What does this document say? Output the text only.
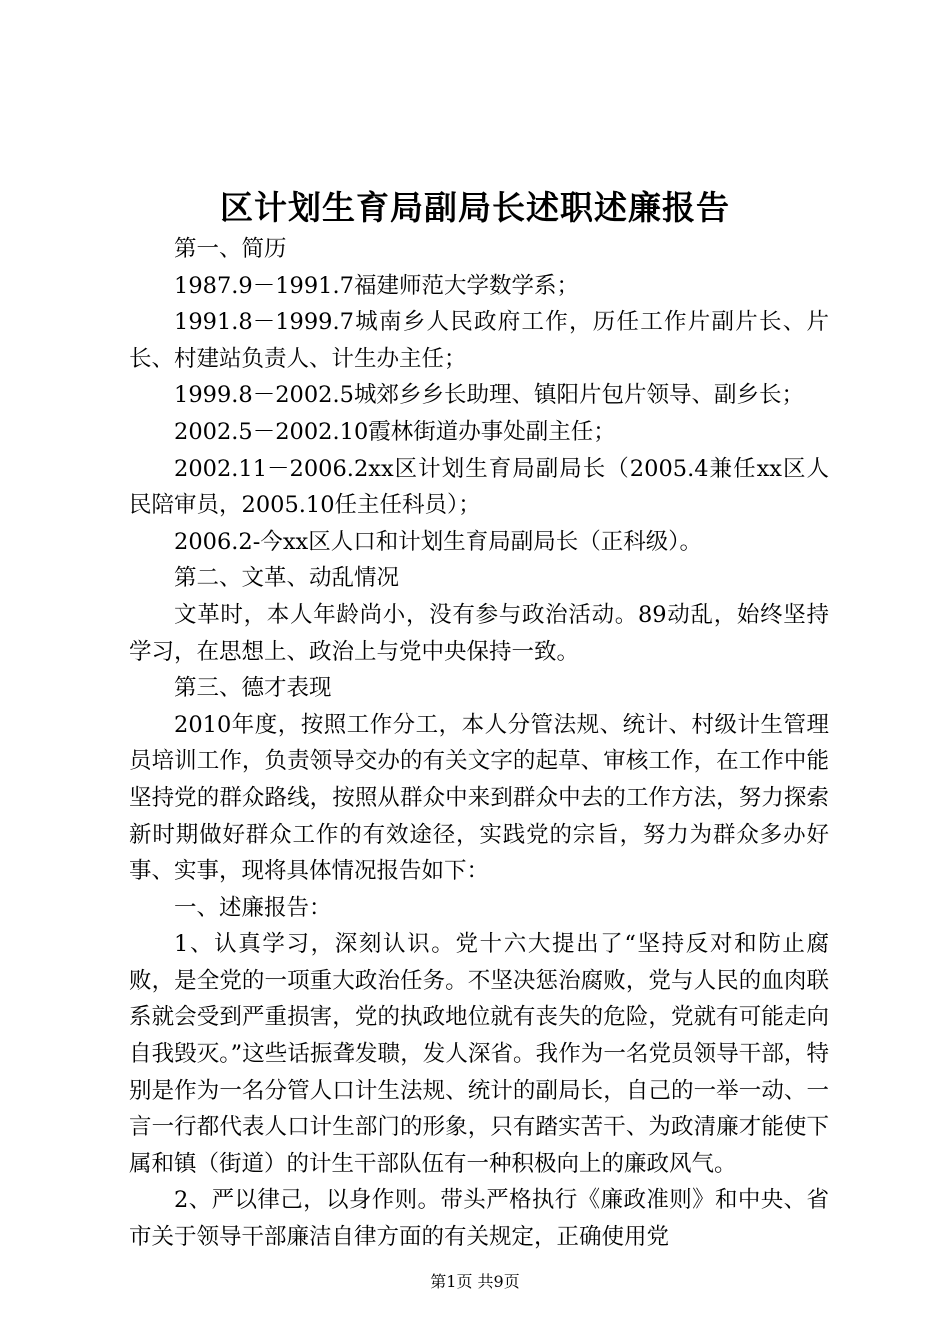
区计划生育局副局长述职述廉报告

第一、简历

1987.9－1991.7福建师范大学数学系；

1991.8－1999.7城南乡人民政府工作，历任工作片副片长、片长、村建站负责人、计生办主任；

1999.8－2002.5城郊乡乡长助理、镇阳片包片领导、副乡长；

2002.5－2002.10霞林街道办事处副主任；

2002.11－2006.2xx区计划生育局副局长（2005.4兼任xx区人民陪审员，2005.10任主任科员）；

2006.2-今xx区人口和计划生育局副局长（正科级）。

第二、文革、动乱情况

文革时，本人年龄尚小，没有参与政治活动。89动乱，始终坚持学习，在思想上、政治上与党中央保持一致。

第三、德才表现

2010年度，按照工作分工，本人分管法规、统计、村级计生管理员培训工作，负责领导交办的有关文字的起草、审核工作，在工作中能坚持党的群众路线，按照从群众中来到群众中去的工作方法，努力探索新时期做好群众工作的有效途径，实践党的宗旨，努力为群众多办好事、实事，现将具体情况报告如下：

一、述廉报告：

1、认真学习，深刻认识。党十六大提出了“坚持反对和防止腐败，是全党的一项重大政治任务。不坚决惩治腐败，党与人民的血肉联系就会受到严重损害，党的执政地位就有丧失的危险，党就有可能走向自我毁灭。”这些话振聋发聩，发人深省。我作为一名党员领导干部，特别是作为一名分管人口计生法规、统计的副局长，自己的一举一动、一言一行都代表人口计生部门的形象，只有踏实苦干、为政清廉才能使下属和镇（街道）的计生干部队伍有一种积极向上的廉政风气。

2、严以律己，以身作则。带头严格执行《廉政准则》和中央、省市关于领导干部廉洁自律方面的有关规定，正确使用党

第1页 共9页
